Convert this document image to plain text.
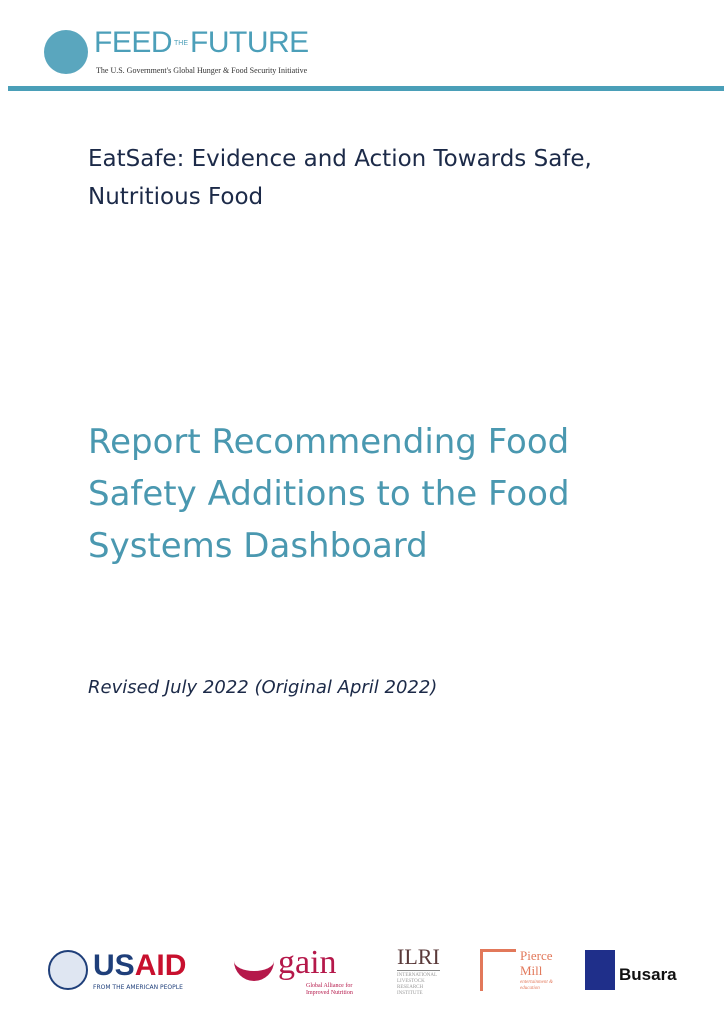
FEED THEFUTURE
The U.S. Government's Global Hunger & Food Security Initiative
EatSafe: Evidence and Action Towards Safe, Nutritious Food
Report Recommending Food Safety Additions to the Food Systems Dashboard
Revised July 2022 (Original April 2022)
USAID
FROM THE AMERICAN PEOPLE
gain
Global Alliance for Improved Nutrition
ILRI
INTERNATIONAL LIVESTOCK RESEARCH INSTITUTE
Pierce Mill
entertainment & education
Busara
